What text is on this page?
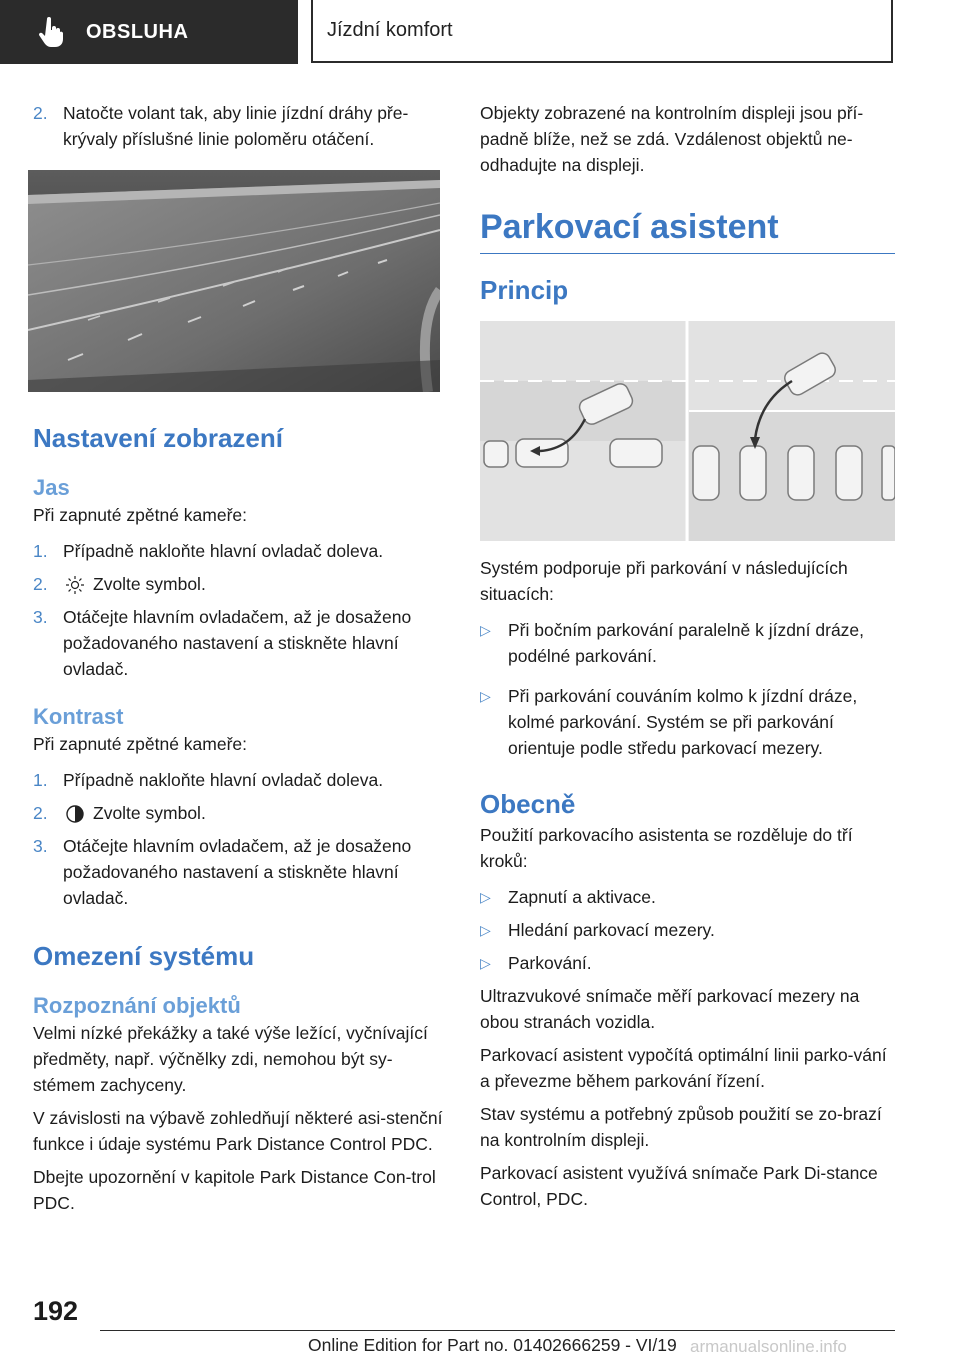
OBSLUHA	Jízdní komfort
2. Natočte volant tak, aby linie jízdní dráhy pře-krývaly příslušné linie poloměru otáčení.
Nastavení zobrazení
Jas
Při zapnuté zpětné kameře:
1. Případně nakloňte hlavní ovladač doleva.
2.	Zvolte symbol.
3. Otáčejte hlavním ovladačem, až je dosaženo požadovaného nastavení a stiskněte hlavní ovladač.
Kontrast
Při zapnuté zpětné kameře:
1. Případně nakloňte hlavní ovladač doleva.
2.	Zvolte symbol.
3. Otáčejte hlavním ovladačem, až je dosaženo požadovaného nastavení a stiskněte hlavní ovladač.
Omezení systému
Rozpoznání objektů
Velmi nízké překážky a také výše ležící, vyčnívající předměty, např. výčnělky zdi, nemohou být sy-stémem zachyceny.
V závislosti na výbavě zohledňují některé asi-stenční funkce i údaje systému Park Distance Control PDC.
Dbejte upozornění v kapitole Park Distance Con-trol PDC.
Objekty zobrazené na kontrolním displeji jsou pří-padně blíže, než se zdá. Vzdálenost objektů ne-odhadujte na displeji.
Parkovací asistent
Princip
Systém podporuje při parkování v následujících situacích:
▷ Při bočním parkování paralelně k jízdní dráze, podélné parkování.
▷ Při parkování couváním kolmo k jízdní dráze, kolmé parkování. Systém se při parkování orientuje podle středu parkovací mezery.
Obecně
Použití parkovacího asistenta se rozděluje do tří kroků:
▷ Zapnutí a aktivace.
▷ Hledání parkovací mezery.
▷ Parkování.
Ultrazvukové snímače měří parkovací mezery na obou stranách vozidla.
Parkovací asistent vypočítá optimální linii parko-vání a převezme během parkování řízení.
Stav systému a potřebný způsob použití se zo-brazí na kontrolním displeji.
Parkovací asistent využívá snímače Park Di-stance Control, PDC.
192
Online Edition for Part no. 01402666259 - VI/19 armanualsonline.info
